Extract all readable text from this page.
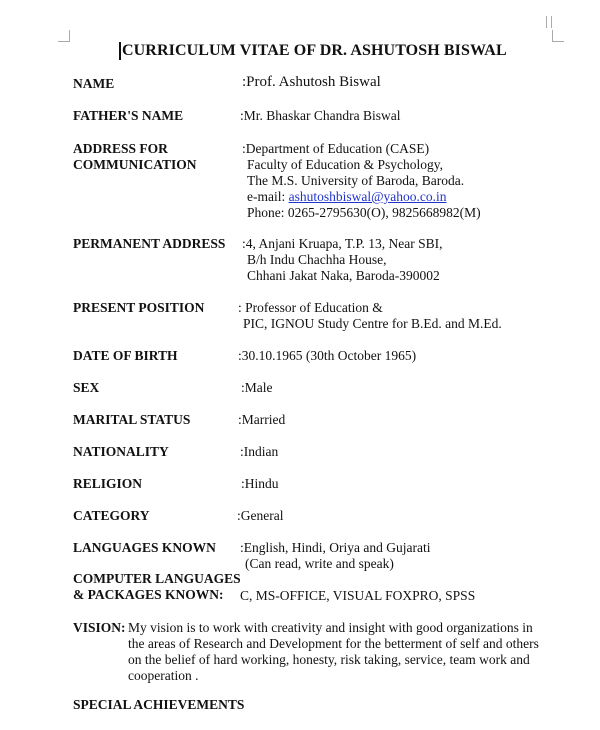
CURRICULUM VITAE OF DR. ASHUTOSH BISWAL
NAME	:Prof. Ashutosh Biswal
FATHER'S NAME	:Mr. Bhaskar Chandra Biswal
ADDRESS FOR
COMMUNICATION
:Department of Education (CASE)
Faculty of Education & Psychology,
The M.S. University of Baroda, Baroda.
e-mail: ashutoshbiswal@yahoo.co.in
Phone: 0265-2795630(O), 9825668982(M)
PERMANENT ADDRESS :4, Anjani Kruapa, T.P. 13, Near SBI,
B/h Indu Chachha House,
Chhani Jakat Naka, Baroda-390002
PRESENT POSITION : Professor of Education &
PIC, IGNOU Study Centre for B.Ed. and M.Ed.
DATE OF BIRTH	:30.10.1965 (30th October 1965)
SEX	:Male
MARITAL STATUS	:Married
NATIONALITY	:Indian
RELIGION	:Hindu
CATEGORY	:General
LANGUAGES KNOWN :English, Hindi, Oriya and Gujarati
(Can read, write and speak)
COMPUTER LANGUAGES
& PACKAGES KNOWN:	C, MS-OFFICE, VISUAL FOXPRO, SPSS
VISION: My vision is to work with creativity and insight with good organizations in
the areas of Research and Development for the betterment of self and others
on the belief of hard working, honesty, risk taking, service, team work and
cooperation .
SPECIAL ACHIEVEMENTS
